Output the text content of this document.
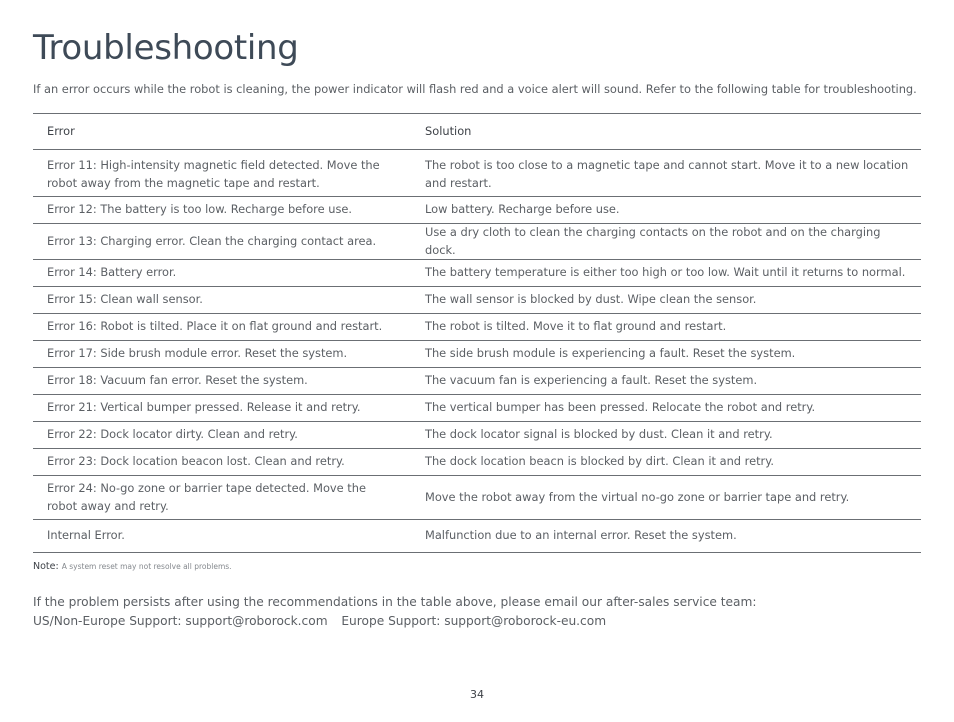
Troubleshooting
If an error occurs while the robot is cleaning, the power indicator will flash red and a voice alert will sound. Refer to the following table for troubleshooting.
Error	Solution
Error 11: High-intensity magnetic field detected. Move the robot away from the magnetic tape and restart.	The robot is too close to a magnetic tape and cannot start. Move it to a new location and restart.
Error 12: The battery is too low. Recharge before use.	Low battery. Recharge before use.
Error 13: Charging error. Clean the charging contact area.	Use a dry cloth to clean the charging contacts on the robot and on the charging dock.
Error 14: Battery error.	The battery temperature is either too high or too low. Wait until it returns to normal.
Error 15: Clean wall sensor.	The wall sensor is blocked by dust. Wipe clean the sensor.
Error 16: Robot is tilted. Place it on flat ground and restart.	The robot is tilted. Move it to flat ground and restart.
Error 17: Side brush module error. Reset the system.	The side brush module is experiencing a fault. Reset the system.
Error 18: Vacuum fan error. Reset the system.	The vacuum fan is experiencing a fault. Reset the system.
Error 21: Vertical bumper pressed. Release it and retry.	The vertical bumper has been pressed. Relocate the robot and retry.
Error 22: Dock locator dirty. Clean and retry.	The dock locator signal is blocked by dust. Clean it and retry.
Error 23: Dock location beacon lost. Clean and retry.	The dock location beacn is blocked by dirt. Clean it and retry.
Error 24: No-go zone or barrier tape detected. Move the robot away and retry.	Move the robot away from the virtual no-go zone or barrier tape and retry.
Internal Error.	Malfunction due to an internal error. Reset the system.
Note: A system reset may not resolve all problems.
If the problem persists after using the recommendations in the table above, please email our after-sales service team:
US/Non-Europe Support: support@roborock.com Europe Support: support@roborock-eu.com
34
